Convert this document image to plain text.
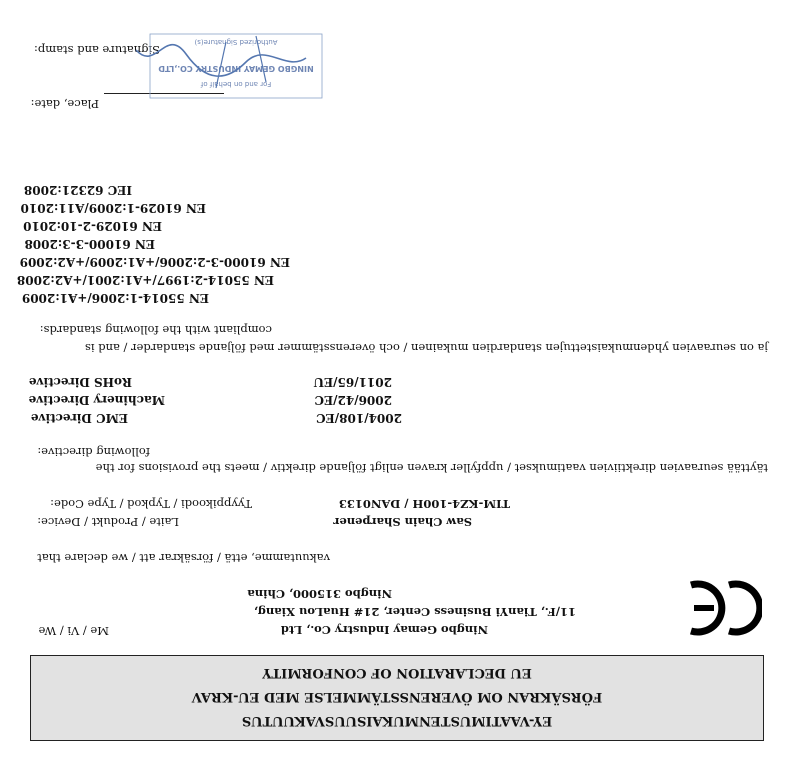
EY-VAATIMUSTENMUKAISUUSVAKUUTUS
FÖRSÄKRAN OM ÖVERENSSTÄMMELSE MED EU-KRAV
EU DECLARATION OF CONFORMITY
Me / Vi / We	Ningbo Gemay Industry Co., Ltd
11/F., TianYi Business Center, 21# HuaLou Xiang,
Ningbo 315000, China
vakuutamme, että / försäkrar att / we declare that
Laite / Produkt / Device:	Saw Chain Sharpener
Tyyppikoodi / Typkod / Type Code:	TIM-KZ4-100H / DAN0133
täyttää seuraavien direktiivien vaatimukset / uppfyller kraven enligt följande direktiv / meets the provisions for the
following directive:
EMC Directive	2004/108/EC
Machinery Directive	2006/42/EC
RoHS Directive	2011/65/EU
ja on seuraavien yhdenmukaistettujen standardien mukainen / och överensstämmer med följande standarder / and is
compliant with the following standards:
EN 55014-1:2006/+A1:2009
EN 55014-2:1997/+A1:2001/+A2:2008
EN 61000-3-2:2006/+A1:2009/+A2:2009
EN 61000-3-3:2008
EN 61029-2-10:2010
EN 61029-1:2009/A11:2010
IEC 62321:2008
Place, date:
Signature and stamp:
For and on behalf of
NINGBO GEMAY INDUSTRY CO.,LTD
Authorized Signature(s)
